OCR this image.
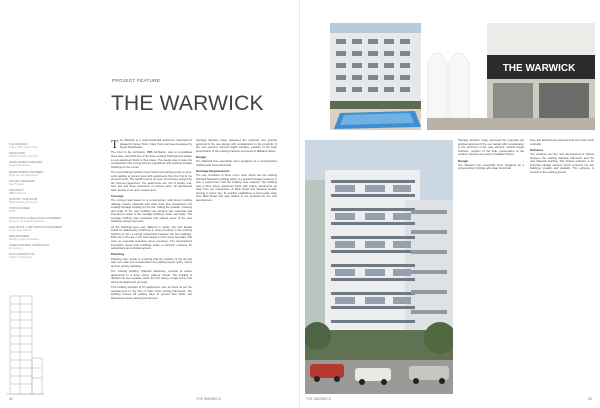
PROJECT FEATURE
THE WARWICK
THE WARWICK
Green Point, Cape Town
DEVELOPER
Dislobi Property (Pty) Ltd
DEVELOPMENT MANAGER
Spear Real Estate
DEVELOPMENT PARTNERS
Ryan van der Westhuizen
PROJECT MANAGER
Kap Projects
ARCHITECT
BBB Architects
QUANTITY SURVEYOR
DCM Quantity Surveyors
TOWN PLANNER
NPPF
STRUCTURAL & MECHANICAL ENGINEER
Elyseum Consulting Engineers
ELECTRICAL & WET SERVICES ENGINEER
Leach & de Wet Inc
FIRE ENGINEER
Bowring Jeans Associates
GREEN BUILDING CONSULTANT
Emneering
MAIN CONTRACTOR
Subjet Construction

The Warwick is a multi-residential apartment development situated in Green Point, Cape Town and was developed by Spear Real Estate.

The brief to the architects, BBB Architects, was to consolidate three sites, demolish two of the three existing buildings and design a new apartment block in their place. The design was to take into consideration the zoning scheme regulations and existing heritage buildings on the corner.

The new building consists of two basement parking levels, a semi-sunk parking at ground level with apartments from the first to the eleventh level. The twelfth level is an open roof terrace enjoyed by the 1st-level apartment. The apartments are mix of studio, one-bed, two and three bedrooms of various sizes. All apartments have access to an open terrace area.

Concept

The concept was based on a contemporary multi storey building utilising modern materials with clean lines that complement the existing heritage building on the site. Taking the position, massing and scale of the new building into account was essential and intended to relate to the heritage building's scale and mass. The heritage building was renovated and reflects some of the new building's design elements.

As the buildings were very different in nature, the new façade would be deliberately positioned in close proximity to the existing building to form a strong relationship between the two buildings. Both are in the are in the best facade on the street boundary that were an essential seamless street presence. The development interaction views both buildings share a common entrance for pedestrians and vehicles access.

Planning

Planning was crucial to ensuring that the position of the lift and stair core take into consideration the parking layout, grids, ramps and the privacy setbacks.

The existing building, Warwick Mansions, consists of twelve apartments in a three storey walk-up format. The building is divided into two separate parts, the first being a single storey row and a two apartment per level.

This building consists of 67 apartments over 12 floors as per the requirements of the City of Cape Town zoning framework. The building houses 68 parking bays at ground floor within two basements below natural ground level.

Heritage Western Cape assessed the proposal and granted approval of the new design with consideration to the proximity of the new element, vertical height interface, position of the bulk, preservation of the existing mansion and views to Maitland Street.

Design

The Warwick has essentially been designed as a contemporary building with clean horizontal

Heritage Requirements

The site consisted of three erven upon which sat the existing Warwick Mansions building which is a graded heritage resource. It was a requirement that the building was retained. The building was a three storey apartment block with twelve apartments set back from the intersection of Main Road and Wessels Roads, forming a corner site. Its position establishes a street-scale edge onto Main Road that was related to the proposal for the new development.

82	THE WARWICK
THE WARWICK

Heritage Western Cape assessed the proposal and granted approval of the new design with consideration to the proximity of the new element, vertical height interface, position of the bulk, preservation of the existing mansion and views to Maitland Street.

Design

The Warwick has essentially been designed as a contemporary building with clean horizontal

lines and architectural elements that set in four parts vertically.

Entrance

The entrance into the new development is shared between the existing Warwick Mansions and the new Warwick building. This shared entrance is an important design element which connects the two buildings visually and spatially. This entrance is housed in the existing ground

THE WARWICK	83
